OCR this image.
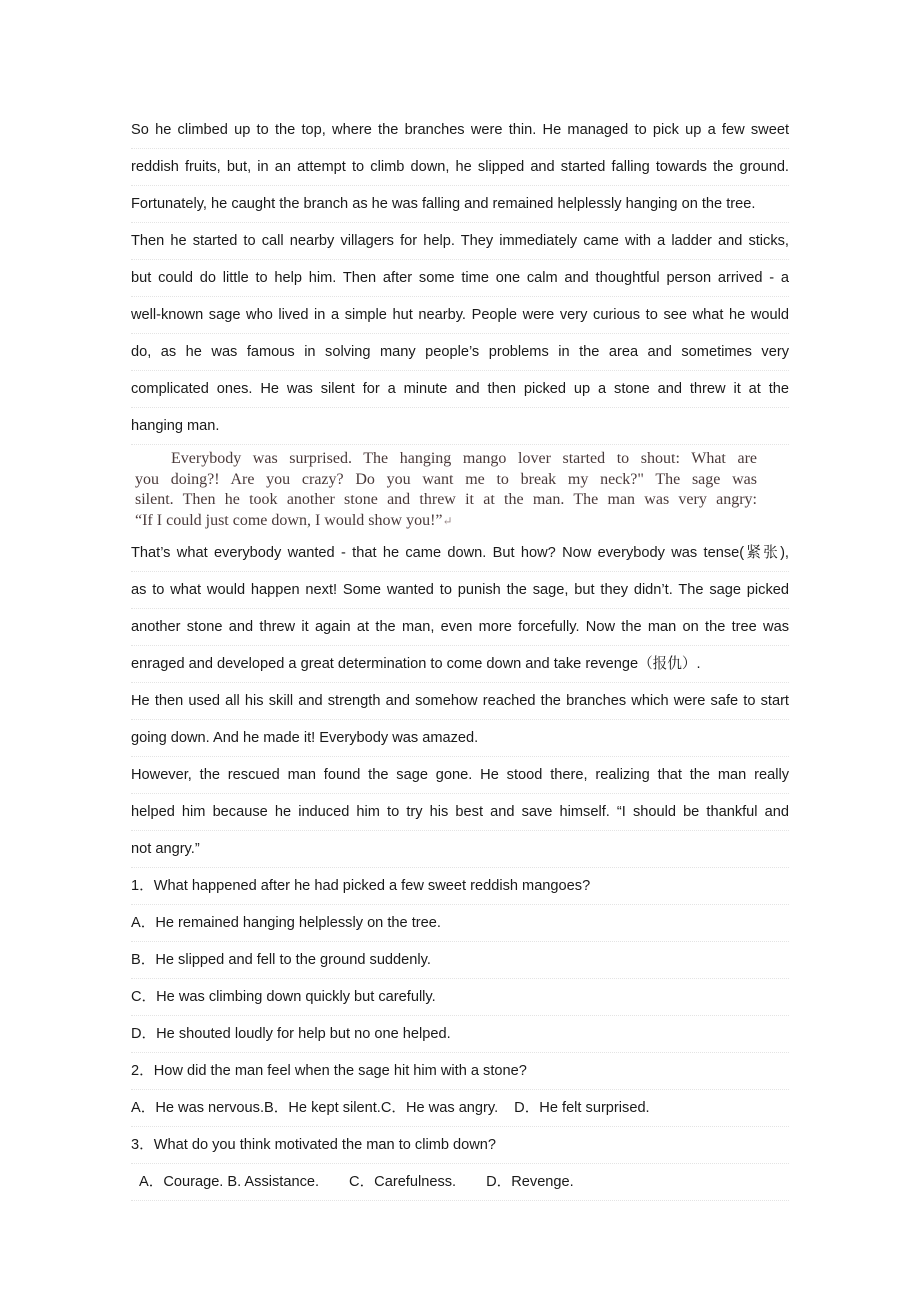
So he climbed up to the top, where the branches were thin. He managed to pick up a few sweet
reddish fruits, but, in an attempt to climb down, he slipped and started falling towards the ground.
Fortunately, he caught the branch as he was falling and remained helplessly hanging on the tree.
Then he started to call nearby villagers for help. They immediately came with a ladder and sticks,
but could do little to help him. Then after some time one calm and thoughtful person arrived - a
well-known sage who lived in a simple hut nearby. People were very curious to see what he would
do, as he was famous in solving many people’s problems in the area and sometimes very
complicated ones. He was silent for a minute and then picked up a stone and threw it at the
hanging man.
Everybody was surprised. The hanging mango lover started to shout: What are
you doing?! Are you crazy? Do you want me to break my neck?" The sage was
silent. Then he took another stone and threw it at the man. The man was very angry:
“If I could just come down, I would show you!”↵
That’s what everybody wanted - that he came down. But how? Now everybody was tense(紧张),
as to what would happen next! Some wanted to punish the sage, but they didn’t. The sage picked
another stone and threw it again at the man, even more forcefully. Now the man on the tree was
enraged and developed a great determination to come down and take revenge（报仇）.
He then used all his skill and strength and somehow reached the branches which were safe to start
going down. And he made it! Everybody was amazed.
However, the rescued man found the sage gone. He stood there, realizing that the man really
helped him because he induced him to try his best and save himself. “I should be thankful and
not angry.”
1．What happened after he had picked a few sweet reddish mangoes?
A．He remained hanging helplessly on the tree.
B．He slipped and fell to the ground suddenly.
C．He was climbing down quickly but carefully.
D．He shouted loudly for help but no one helped.
2．How did the man feel when the sage hit him with a stone?
A．He was nervous.B．He kept silent.C．He was angry. D．He felt surprised.
3．What do you think motivated the man to climb down?
A．Courage. B. Assistance. C．Carefulness. D．Revenge.
